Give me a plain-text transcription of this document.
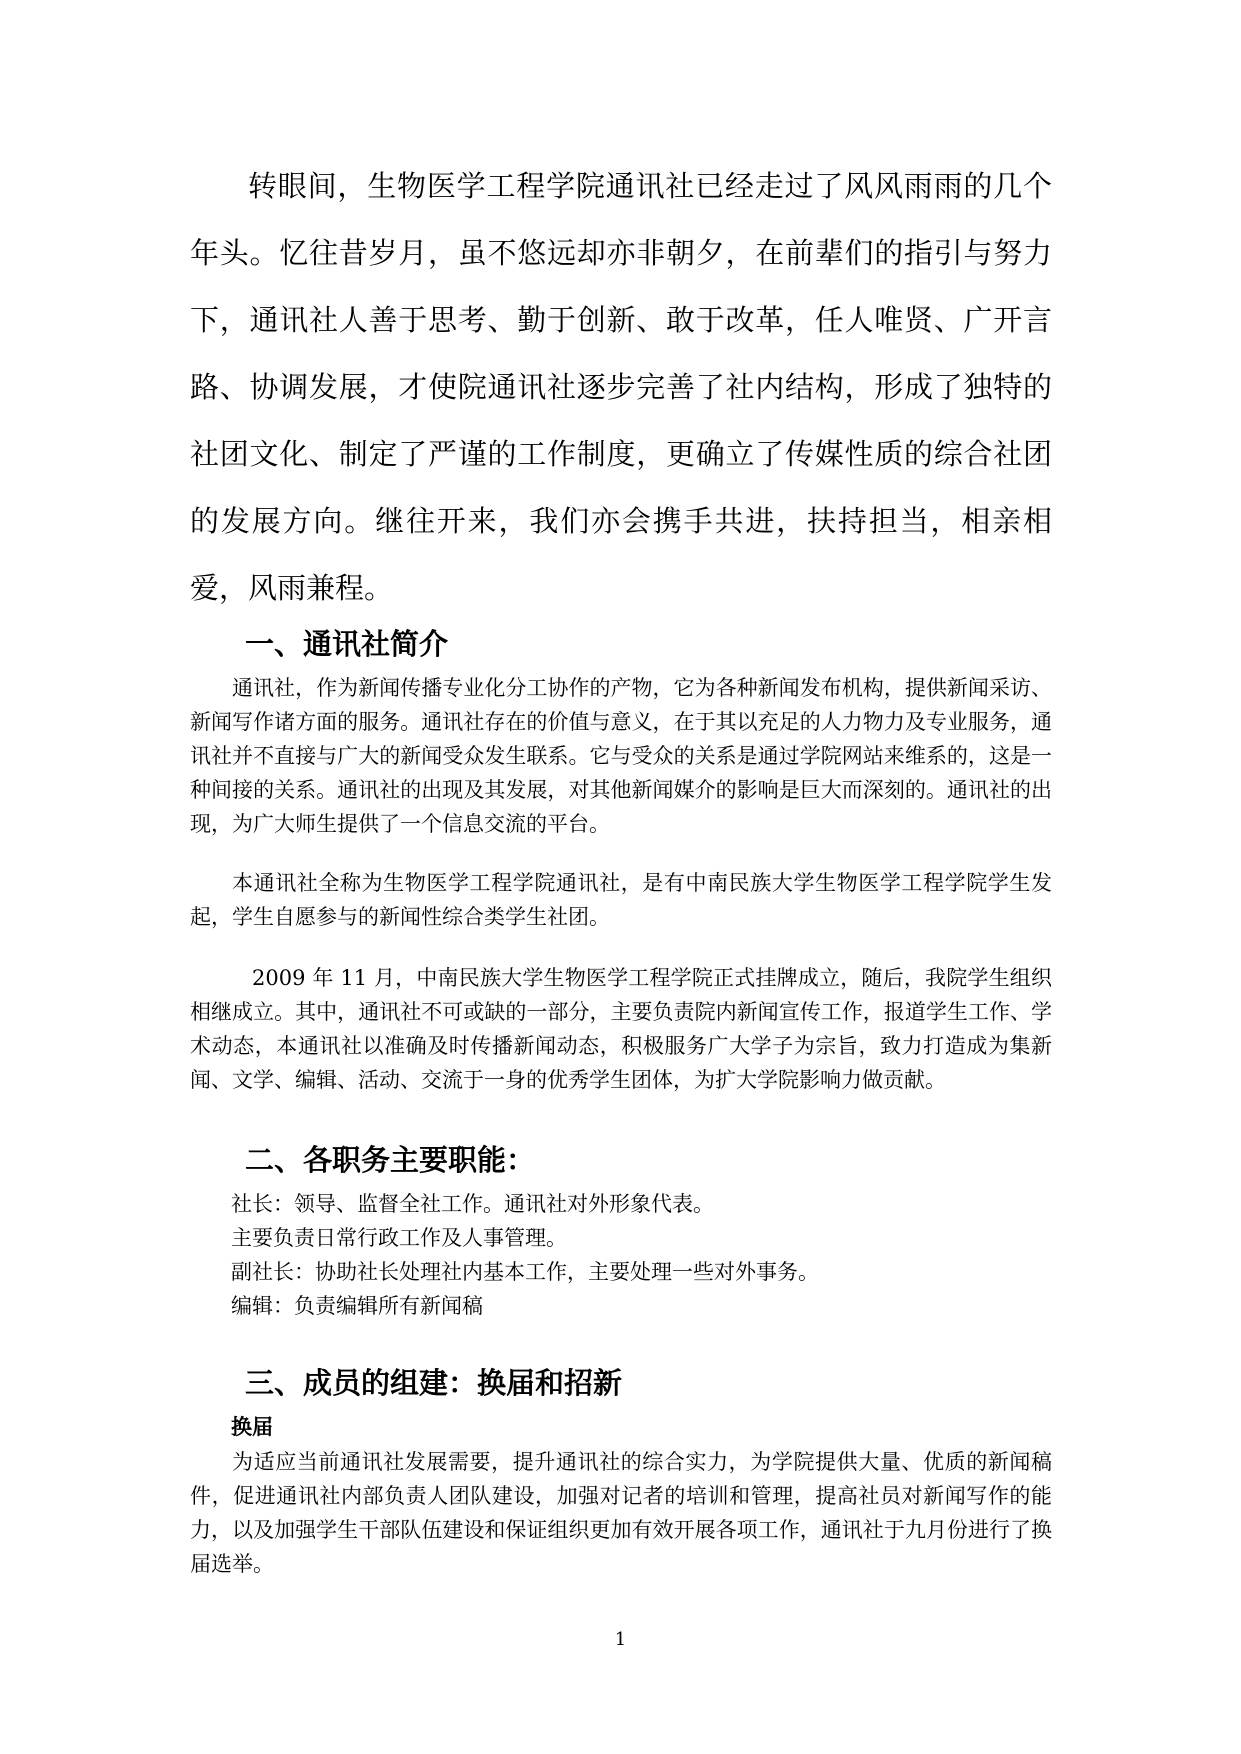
转眼间，生物医学工程学院通讯社已经走过了风风雨雨的几个年头。忆往昔岁月，虽不悠远却亦非朝夕，在前辈们的指引与努力下，通讯社人善于思考、勤于创新、敢于改革，任人唯贤、广开言路、协调发展，才使院通讯社逐步完善了社内结构，形成了独特的社团文化、制定了严谨的工作制度，更确立了传媒性质的综合社团的发展方向。继往开来，我们亦会携手共进，扶持担当，相亲相爱，风雨兼程。

一、通讯社简介

通讯社，作为新闻传播专业化分工协作的产物，它为各种新闻发布机构，提供新闻采访、新闻写作诸方面的服务。通讯社存在的价值与意义，在于其以充足的人力物力及专业服务，通讯社并不直接与广大的新闻受众发生联系。它与受众的关系是通过学院网站来维系的，这是一种间接的关系。通讯社的出现及其发展，对其他新闻媒介的影响是巨大而深刻的。通讯社的出现，为广大师生提供了一个信息交流的平台。

本通讯社全称为生物医学工程学院通讯社，是有中南民族大学生物医学工程学院学生发起，学生自愿参与的新闻性综合类学生社团。

2009 年 11 月，中南民族大学生物医学工程学院正式挂牌成立，随后，我院学生组织相继成立。其中，通讯社不可或缺的一部分，主要负责院内新闻宣传工作，报道学生工作、学术动态，本通讯社以准确及时传播新闻动态，积极服务广大学子为宗旨，致力打造成为集新闻、文学、编辑、活动、交流于一身的优秀学生团体，为扩大学院影响力做贡献。

二、各职务主要职能：

社长：领导、监督全社工作。通讯社对外形象代表。

主要负责日常行政工作及人事管理。

副社长：协助社长处理社内基本工作，主要处理一些对外事务。

编辑：负责编辑所有新闻稿

三、成员的组建：换届和招新

换届

为适应当前通讯社发展需要，提升通讯社的综合实力，为学院提供大量、优质的新闻稿件，促进通讯社内部负责人团队建设，加强对记者的培训和管理，提高社员对新闻写作的能力，以及加强学生干部队伍建设和保证组织更加有效开展各项工作，通讯社于九月份进行了换届选举。

1
